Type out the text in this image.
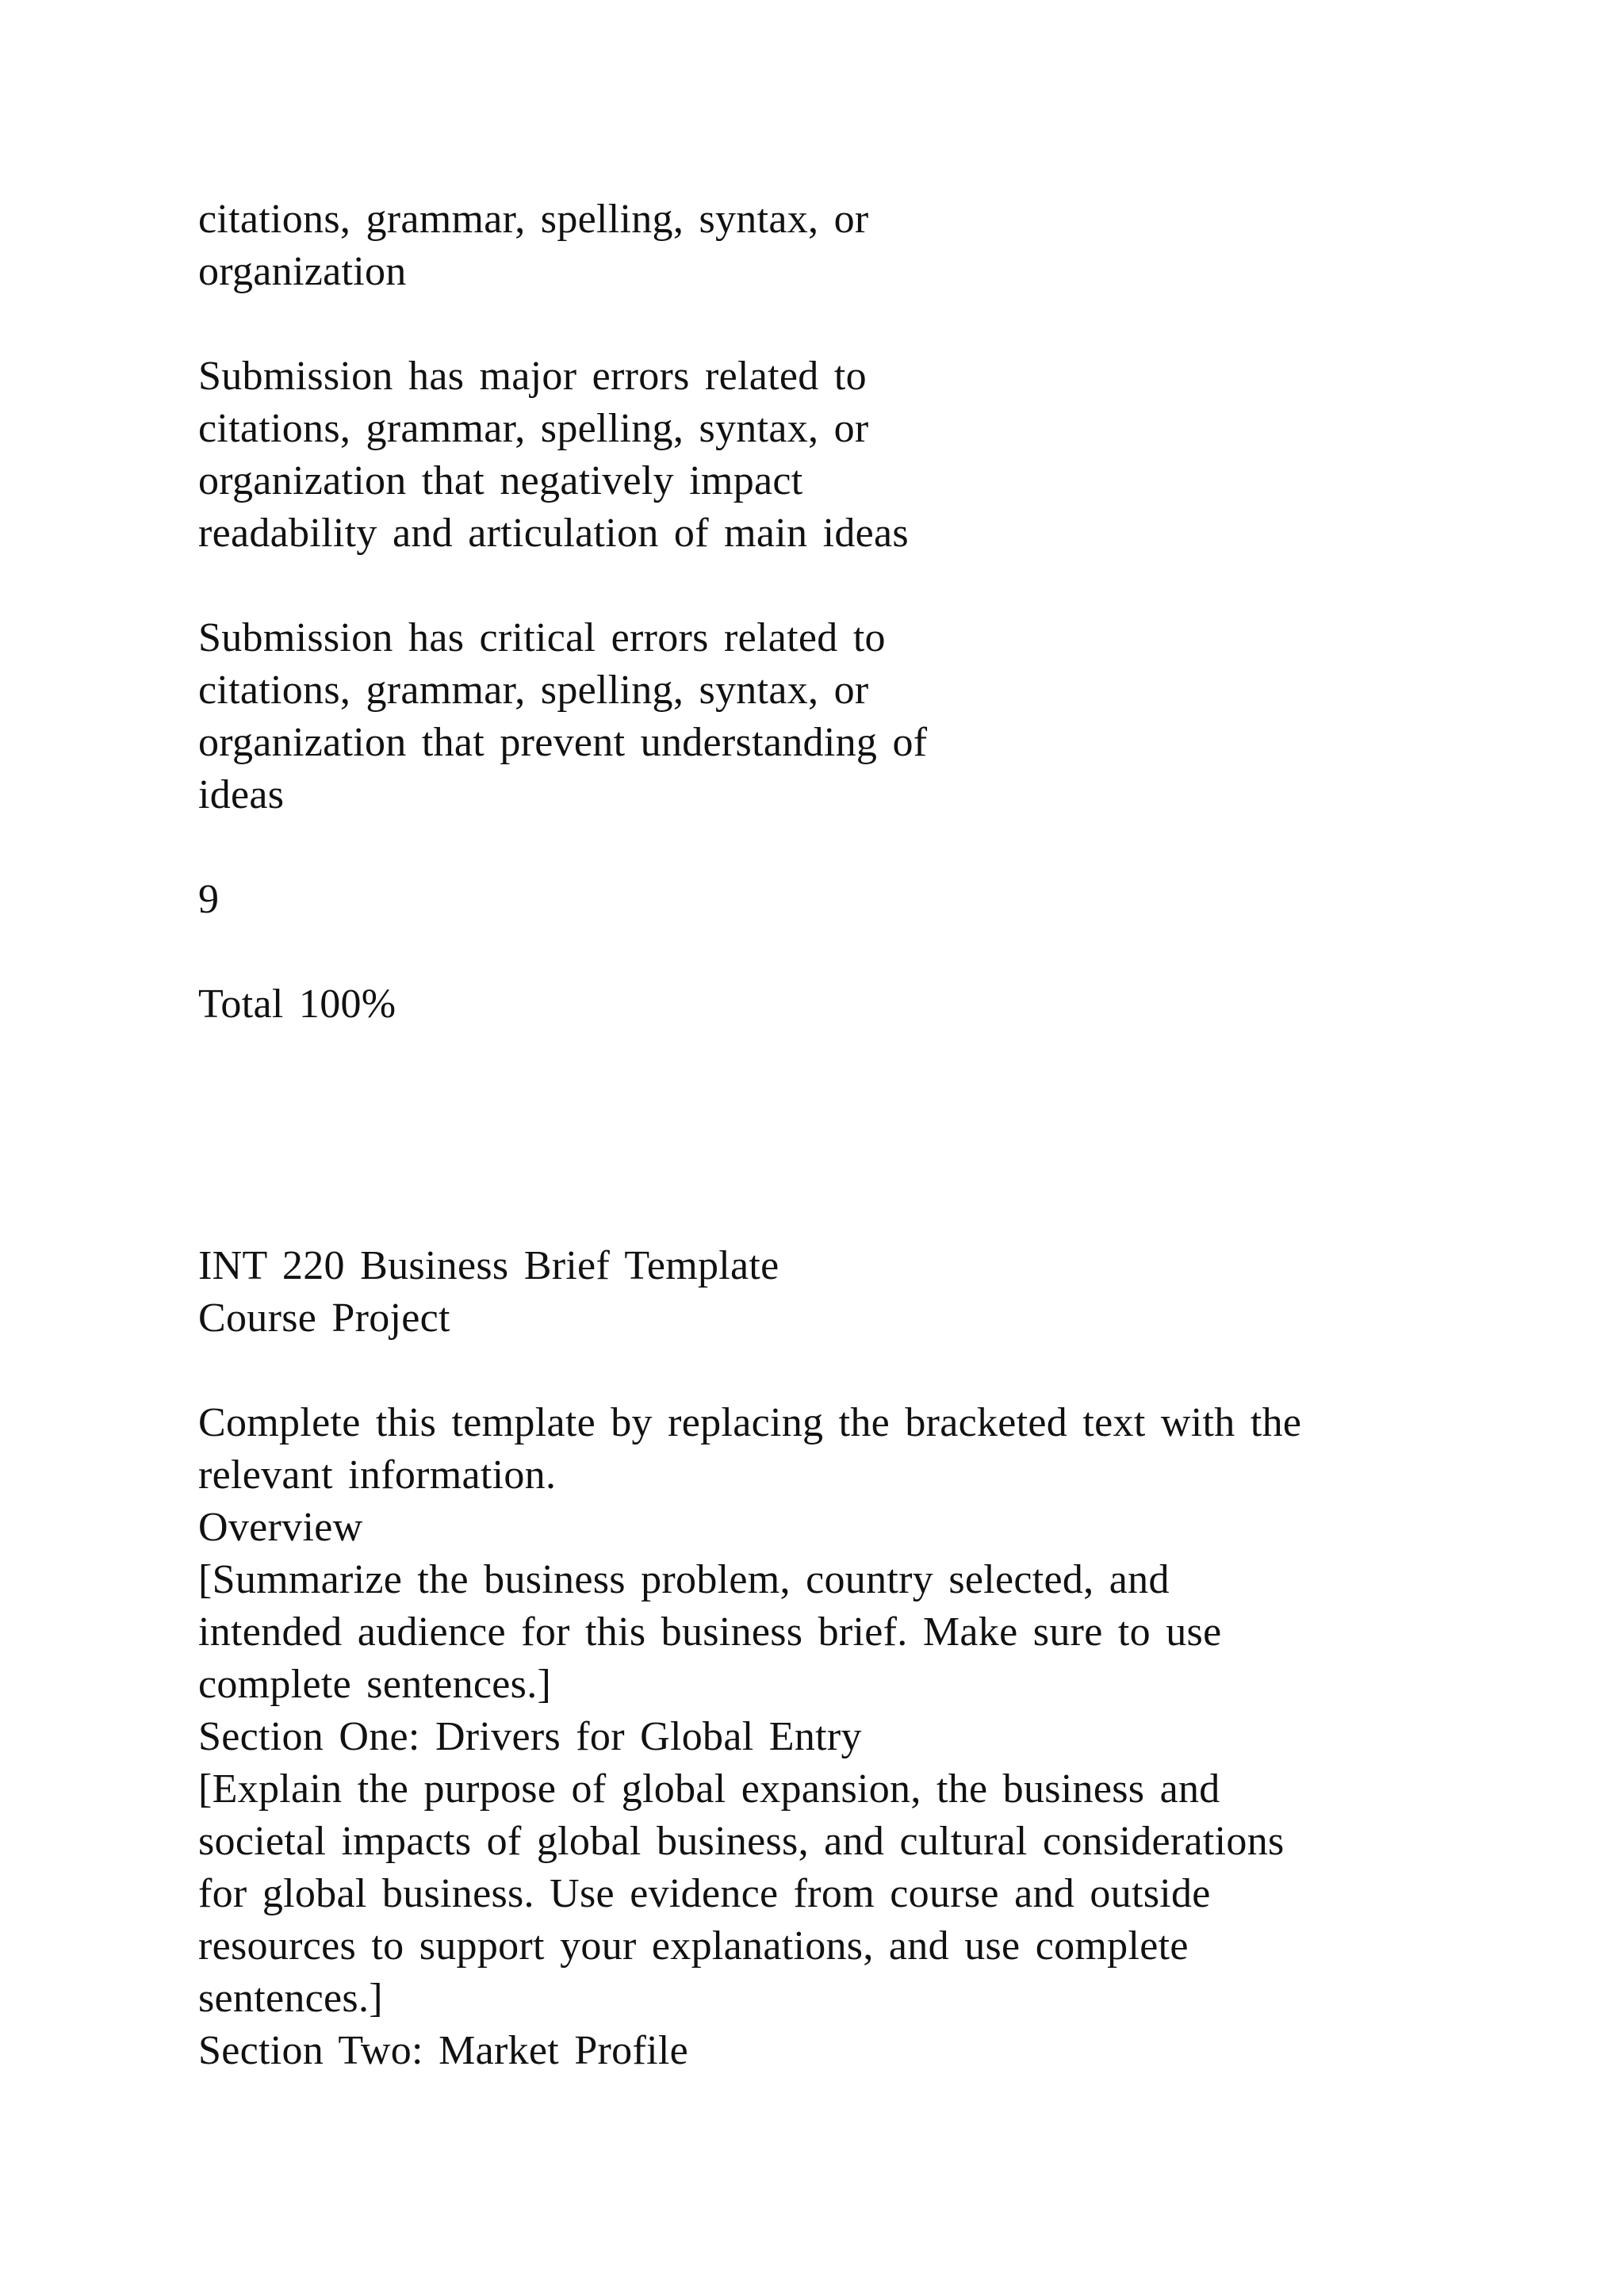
citations, grammar, spelling, syntax, or
organization
Submission has major errors related to
citations, grammar, spelling, syntax, or
organization that negatively impact
readability and articulation of main ideas
Submission has critical errors related to
citations, grammar, spelling, syntax, or
organization that prevent understanding of
ideas
9
Total 100%
INT 220 Business Brief Template
Course Project
Complete this template by replacing the bracketed text with the
relevant information.
Overview
[Summarize the business problem, country selected, and
intended audience for this business brief. Make sure to use
complete sentences.]
Section One: Drivers for Global Entry
[Explain the purpose of global expansion, the business and
societal impacts of global business, and cultural considerations
for global business. Use evidence from course and outside
resources to support your explanations, and use complete
sentences.]
Section Two: Market Profile
